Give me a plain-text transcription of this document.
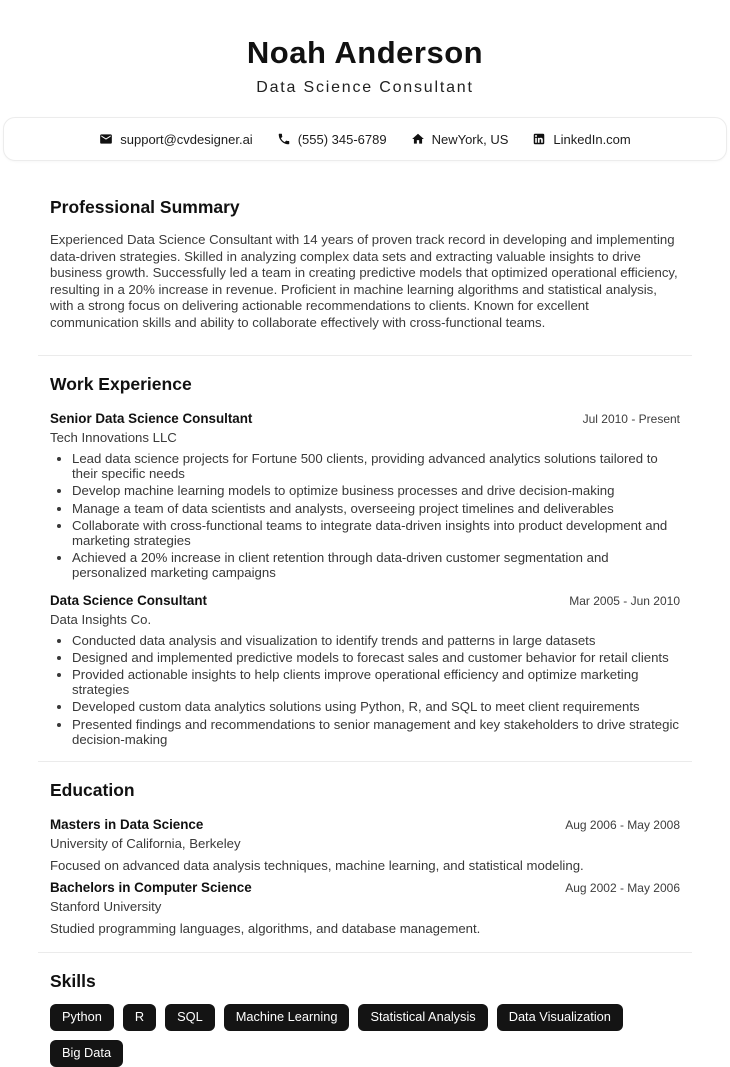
Noah Anderson
Data Science Consultant
support@cvdesigner.ai	(555) 345-6789	NewYork, US	LinkedIn.com
Professional Summary

Experienced Data Science Consultant with 14 years of proven track record in developing and implementing data-driven strategies. Skilled in analyzing complex data sets and extracting valuable insights to drive business growth. Successfully led a team in creating predictive models that optimized operational efficiency, resulting in a 20% increase in revenue. Proficient in machine learning algorithms and statistical analysis, with a strong focus on delivering actionable recommendations to clients. Known for excellent communication skills and ability to collaborate effectively with cross-functional teams.

Work Experience
Senior Data Science Consultant	Jul 2010 - Present
Tech Innovations LLC
• Lead data science projects for Fortune 500 clients, providing advanced analytics solutions tailored to their specific needs
• Develop machine learning models to optimize business processes and drive decision-making
• Manage a team of data scientists and analysts, overseeing project timelines and deliverables
• Collaborate with cross-functional teams to integrate data-driven insights into product development and marketing strategies
• Achieved a 20% increase in client retention through data-driven customer segmentation and personalized marketing campaigns
Data Science Consultant	Mar 2005 - Jun 2010
Data Insights Co.
• Conducted data analysis and visualization to identify trends and patterns in large datasets
• Designed and implemented predictive models to forecast sales and customer behavior for retail clients
• Provided actionable insights to help clients improve operational efficiency and optimize marketing strategies
• Developed custom data analytics solutions using Python, R, and SQL to meet client requirements
• Presented findings and recommendations to senior management and key stakeholders to drive strategic decision-making
Education
Masters in Data Science	Aug 2006 - May 2008
University of California, Berkeley

Focused on advanced data analysis techniques, machine learning, and statistical modeling.

Bachelors in Computer Science	Aug 2002 - May 2006
Stanford University

Studied programming languages, algorithms, and database management.

Skills
Python	R	SQL	Machine Learning	Statistical Analysis	Data Visualization
Big Data
